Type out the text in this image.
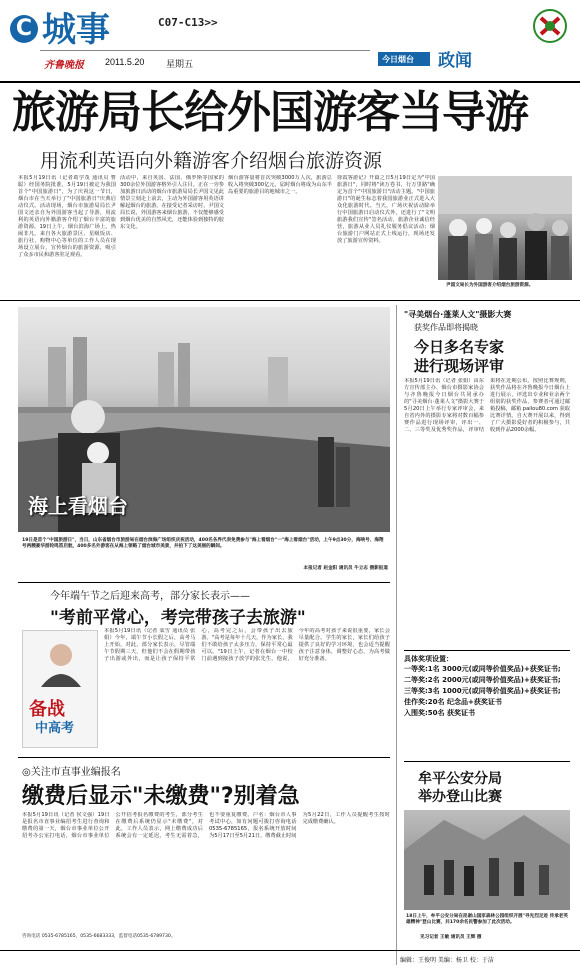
C 城事	C07-C13>>
齐鲁晚报 2011.5.20 星期五	今日烟台 政闻
旅游局长给外国游客当导游
用流利英语向外籍游客介绍烟台旅游资源
本报5月19日讯（记者葛学茂 通讯员 曹聪）经国务院批准，5月19日被定为我国首个"中国旅游日"，为了庆祝这一节日，烟台市在当天举行了"中国旅游日"庆典启动仪式。活动现场，烟台市旅游局局长尹国文还亲自为外国游客当起了导游，用流利的英语向外籍游客介绍了烟台丰富的旅游资源。19日上午，烟台滨海广场上，热闹非凡。来自各大旅游景区、星级饭店、旅行社、购物中心等单位的工作人员在现场设立展台，宣传烟台的旅游资源，吸引了众多市民和游客驻足观看。
活动中，来自英国、法国、俄罗斯等国家的300余位外国游客格外引人注目。正在一旁参加旅游日活动的烟台市旅游局局长尹国文见此情景立刻走上前去，主动为外国游客用英语讲解起烟台的旅游。在接受记者采访时，尹国文局长说，外国游客来烟台旅游，不仅能够感受到烟台优美的自然风光，还能体验到独特的胶东文化。
烟台游客量将首次突破3000万人次，旅游总收入将突破300亿元，届时烟台将成为山东半岛重要的旅游目的地城市之一。
徐霞客游记》开篇之日5月19日定为"中国旅游日"，同时将"读万卷书，行万里路"确定为首个"中国旅游日"活动主题。"中国旅游日"的诞生标志着我国旅游业正式进入大众化旅游时代。当天，广场庆祝活动除举行中国旅游日启动仪式外，还进行了"文明旅游我们宣传"签名活动，旅游企业诚信经营，旅游从业人员礼仪服务倡议活动；烟台旅游门户网站正式上线运行，现场还发放了旅游宣传资料。
尹国文局长为外国游客介绍烟台旅游资源。
海上看烟台
19日是首个"中国旅游日"，当日，山东省烟台市旅游局在烟台滨海广场组织庆祝活动，400名各界代表免费参与"海上看烟台"一"海上看烟台"活动，上午9点30分，海响号、海翔号两艘豪华游轮鸣笛启航，400多名外游客在从海上领略了烟台城市美景，并拍下了这美丽的瞬间。
本报记者 赵金阳 通讯员 牛立志 摄影报道
"寻美烟台·蓬莱人文"摄影大赛
获奖作品即将揭晓
今日多名专家
进行现场评审
本报5月19日讯（记者 张娟）由东方宣传部主办、烟台市摄影家协会与齐鲁晚报今日烟台共同承办的"寻美烟台·蓬莱人文"摄影大赛于5月20日上午举行专家评审会，来自省内外的摄影专家将对数百幅参赛作品进行现场评审，评出一、二、三等奖及优秀奖作品，评审结果将在近期公布。按照比赛规则，获奖作品将在齐鲁晚报今日烟台上进行展示，评选出专业和业余两个组别的获奖作品，参赛者可通过邮箱投稿，邮箱 pailou80.com 获取比赛详情。自大赛开展以来，得到了广大摄影爱好者的积极参与，共收到作品2000余幅。
具体奖项设置：
一等奖:1名 3000元(或同等价值奖品)+获奖证书;
二等奖:2名 2000元(或同等价值奖品)+获奖证书;
三等奖:3名 1000元(或同等价值奖品)+获奖证书;
佳作奖:20名 纪念品+获奖证书
入围奖:50名 获奖证书
牟平公安分局
举办登山比赛
18日上午，牟平公安分局在昆嵛山国家森林公园组织开展"寻先烈足迹 传承老英雄精神"登山比赛，共170余名民警参加了此次活动。
见习记者 王敏 通讯员 王辉 摄
今年端午节之后迎来高考，部分家长表示——
"考前平常心，考完带孩子去旅游"
本报5月19日讯（记者 栾雪 通讯员 张娟）今年，端午节小长假之后，高考马上开始，对此，部分家长表示，尽管端午节假期三天，但他们不会在假期带孩子出游或外出，而是让孩子保持平常心，高考完之后，会带孩子出去旅游。"高考是每年十几天，作为家长，我们不敢给孩子太多压力，保持平常心最可以。"19日上午，记者在烟台一中校门前遇到接孩子放学的张先生，他说，今年的高考对孩子来说很重要，家长会尽量配合。学生的家长，家长们给孩子提供了良好的学习环境，也会适当提醒孩子注意身体，调整好心态，为高考做好充分准备。
备战
中高考
◎关注市直事业编报名
缴费后显示"未缴费"?别着急
本报5月19日讯（记者 侯文强）19日是报名市直事业编招考生进行查询和缴费的第一天，烟台市事业单位公开招考办公室打电话，烟台市事业单位公开招考报名缴费的考生，部分考生在缴费后系统仍显示"未缴费"，对此，工作人员表示，网上缴费成功后系统会有一定延迟，考生无需着急，也不要重复缴费。户名：烟台市人事考试中心，如有问题可拨打咨询电话0535-6785165，报名系统开放时间为5月17日至5月21日，缴费截止时间为5月22日，工作人员提醒考生按时完成缴费确认。
咨询电话 0535-6785165，0535-6683333，监督电话0535-6789730。
编辑：王俊明 美编：杨卫 校：于洁
